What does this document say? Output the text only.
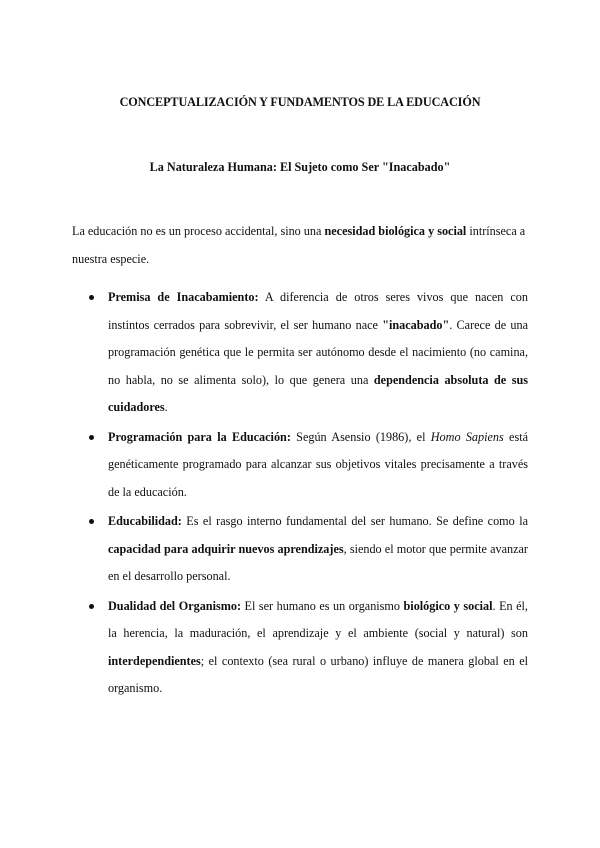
CONCEPTUALIZACIÓN Y FUNDAMENTOS DE LA EDUCACIÓN
La Naturaleza Humana: El Sujeto como Ser "Inacabado"

La educación no es un proceso accidental, sino una necesidad biológica y social intrínseca a nuestra especie.

Premisa de Inacabamiento: A diferencia de otros seres vivos que nacen con instintos cerrados para sobrevivir, el ser humano nace "inacabado". Carece de una programación genética que le permita ser autónomo desde el nacimiento (no camina, no habla, no se alimenta solo), lo que genera una dependencia absoluta de sus cuidadores.
Programación para la Educación: Según Asensio (1986), el Homo Sapiens está genéticamente programado para alcanzar sus objetivos vitales precisamente a través de la educación.
Educabilidad: Es el rasgo interno fundamental del ser humano. Se define como la capacidad para adquirir nuevos aprendizajes, siendo el motor que permite avanzar en el desarrollo personal.
Dualidad del Organismo: El ser humano es un organismo biológico y social. En él, la herencia, la maduración, el aprendizaje y el ambiente (social y natural) son interdependientes; el contexto (sea rural o urbano) influye de manera global en el organismo.
